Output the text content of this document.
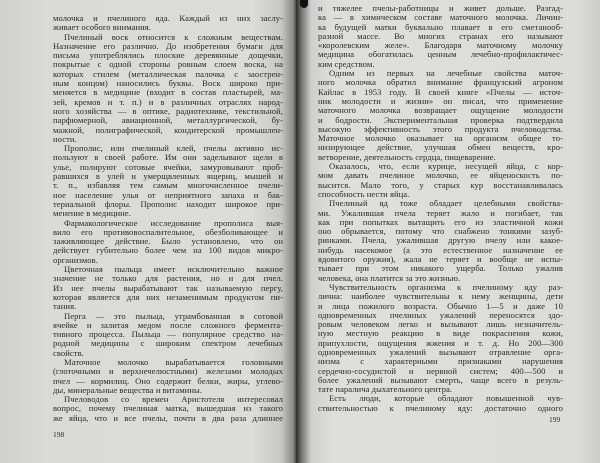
молочка и пчелиного яда. Каждый из них заслу-
живает особого внимания.
Пчелиный воск относится к сложным веществам.
Назначение его различно. До изобретения бумаги для
письма употреблялись плоские деревянные дощечки,
покрытые с одной стороны ровным слоем воска, на
которых стилем (металлическая палочка с заострен-
ным концом) наносились буквы. Воск широко при-
меняется в медицине (входит в состав пластырей, ма-
зей, кремов и т. п.) и в различных отраслях народ-
ного хозяйства — в оптике, радиотехнике, текстильной,
парфюмерной, авиационной, металлургической, бу-
мажной, полиграфической, кондитерской промышлен-
ности.
Прополис, или пчелиный клей, пчелы активно ис-
пользуют в своей работе. Им они заделывают щели в
улье, полируют сотовые ячейки, замуровывают проб-
равшихся в улей и умерщвленных ящериц, мышей и
т. п., избавляя тем самым многочисленное пчели-
ное население улья от неприятного запаха и бак-
териальной флоры. Прополис находит широкое при-
менение в медицине.
Фармакологическое исследование прополиса выя-
вило его противовоспалительное, обезболивающее и
заживляющее действие. Было установлено, что он
действует губительно более чем на 100 видов микро-
организмов.
Цветочная пыльца имеет исключительно важное
значение не только для растения, но и для пчел.
Из нее пчелы вырабатывают так называемую пергу,
которая является для них незаменимым продуктом пи-
тания.
Перга — это пыльца, утрамбованная в сотовой
ячейке и залитая медом после сложного фермента-
тивного процесса. Пыльца — популярное средство на-
родной медицины с широким спектром лечебных
свойств.
Маточное молочко вырабатывается головными
(глоточными и верхнечелюстными) железами молодых
пчел — кормилиц. Оно содержит белки, жиры, углево-
ды, минеральные вещества и витамины.
Пчеловодов со времен Аристотеля интересовал
вопрос, почему пчелиная матка, вышедшая из такого
же яйца, что и все пчелы, почти в два раза длиннее
198
и тяжелее пчелы-работницы и живет дольше. Разгад-
ка — в химическом составе маточного молочка. Личин-
ка будущей матки буквально плавает в его сметанооб-
разной массе. Во многих странах его называют
«королевским желе». Благодаря маточному молочку
медицина обогатилась ценным лечебно-профилактичес-
ким средством.
Одним из первых на лечебные свойства маточ-
ного молочка обратил внимание французский агроном
Кайлас в 1953 году. В своей книге «Пчелы — источ-
ник молодости и жизни» он писал, что применение
маточного молочка возвращает ощущение молодости
и бодрости. Экспериментальная проверка подтвердила
высокую эффективность этого продукта пчеловодства.
Маточное молочко оказывает на организм общее то-
низирующее действие, улучшая обмен веществ, кро-
ветворение, деятельность сердца, пищеварение.
Оказалось, что, если курице, несущей яйца, с кор-
мом давать пчелиное молочко, ее яйценоскость по-
высится. Мало того, у старых кур восстанавливалась
способность нести яйца.
Пчелиный яд тоже обладает целебными свойства-
ми. Ужалившая пчела теряет жало и погибает, так
как при попытках вытащить его из эластичной кожи
оно обрывается, потому что снабжено тонкими зазуб-
ринками. Пчела, ужалившая другую пчелу или какое-
нибудь насекомое (а это естественное назначение ее
ядовитого оружия), жала не теряет и вообще не испы-
тывает при этом никакого ущерба. Только ужалив
человека, она платится за это жизнью.
Чувствительность организма к пчелиному яду раз-
лична: наиболее чувствительны к нему женщины, дети
и лица пожилого возраста. Обычно 1—5 и даже 10
одновременных пчелиных ужалений переносятся здо-
ровым человеком легко и вызывают лишь незначитель-
ную местную реакцию в виде покраснения кожи,
припухлости, ощущения жжения и т. д. Но 200—300
одновременных ужалений вызывают отравление орга-
низма с характерными признаками нарушения
сердечно-сосудистой и нервной систем; 400—500 и
более ужалений вызывают смерть, чаще всего в резуль-
тате паралича дыхательного центра.
Есть люди, которые обладают повышенной чув-
ствительностью к пчелиному яду: достаточно одного
199
